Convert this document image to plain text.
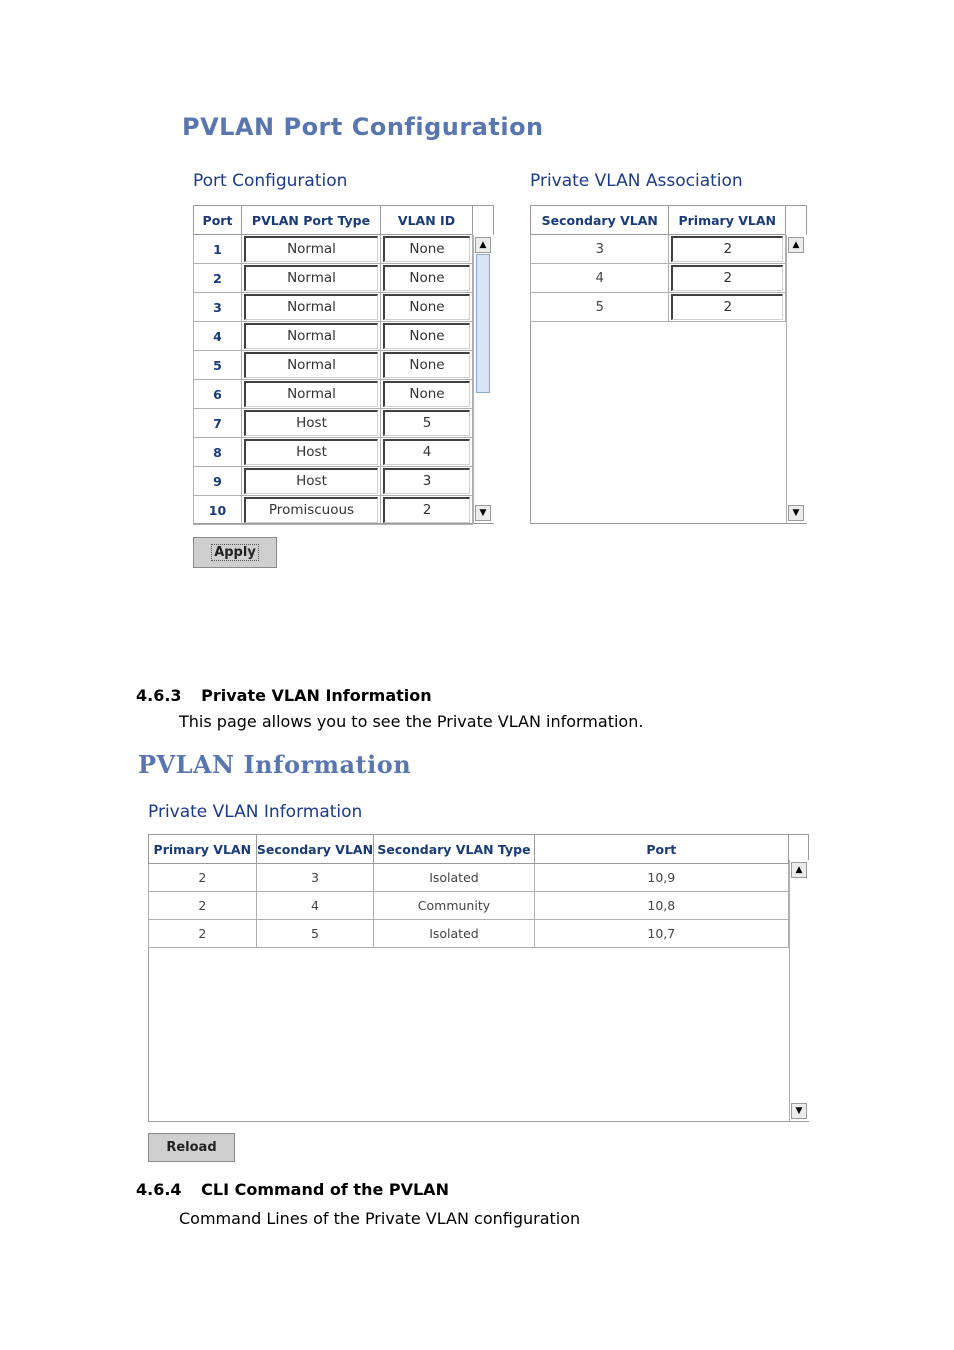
PVLAN Port Configuration
Port Configuration	Private VLAN Association
Port	PVLAN Port Type	VLAN ID
1	Normal	None

2	Normal	None

3	Normal	None

4	Normal	None

5	Normal	None

6	Normal	None

7	Host	5

8	Host	4

9	Host	3

10	Promiscuous	2
▲
▼
Secondary VLAN	Primary VLAN
3	2

4	2

5	2
▲
▼
Apply
4.6.3 Private VLAN Information
This page allows you to see the Private VLAN information.
PVLAN Information
Private VLAN Information
Primary VLAN	Secondary VLAN	Secondary VLAN Type	Port
2	3	Isolated	10,9
2	4	Community	10,8
2	5	Isolated	10,7
▲
▼
Reload
4.6.4 CLI Command of the PVLAN
Command Lines of the Private VLAN configuration
